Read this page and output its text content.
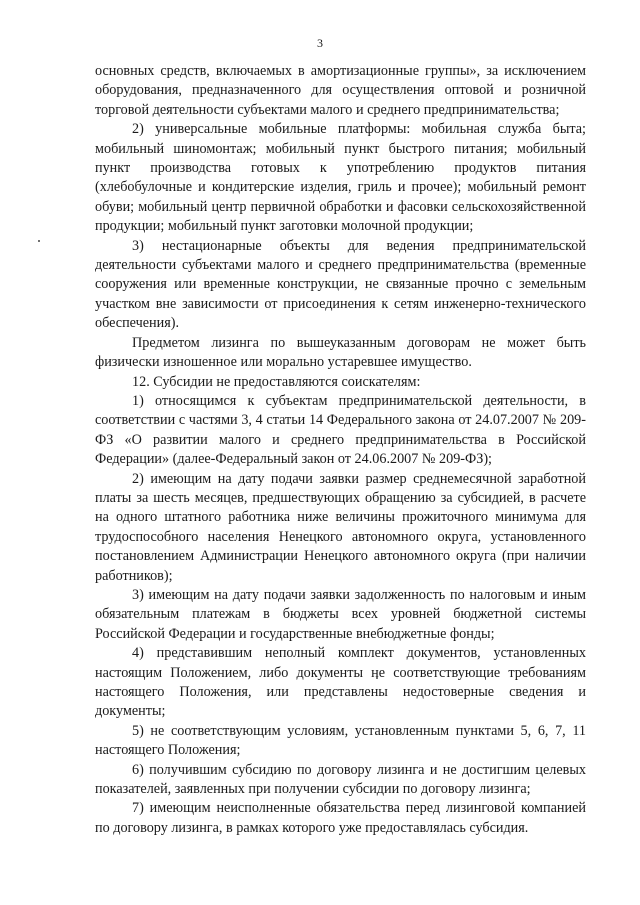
3

основных средств, включаемых в амортизационные группы», за исключением оборудования, предназначенного для осуществления оптовой и розничной торговой деятельности субъектами малого и среднего предпринимательства;

2) универсальные мобильные платформы: мобильная служба быта; мобильный шиномонтаж; мобильный пункт быстрого питания; мобильный пункт производства готовых к употреблению продуктов питания (хлебобулочные и кондитерские изделия, гриль и прочее); мобильный ремонт обуви; мобильный центр первичной обработки и фасовки сельскохозяйственной продукции; мобильный пункт заготовки молочной продукции;

3) нестационарные объекты для ведения предпринимательской деятельности субъектами малого и среднего предпринимательства (временные сооружения или временные конструкции, не связанные прочно с земельным участком вне зависимости от присоединения к сетям инженерно-технического обеспечения).

Предметом лизинга по вышеуказанным договорам не может быть физически изношенное или морально устаревшее имущество.

12. Субсидии не предоставляются соискателям:

1) относящимся к субъектам предпринимательской деятельности, в соответствии с частями 3, 4 статьи 14 Федерального закона от 24.07.2007 № 209-ФЗ «О развитии малого и среднего предпринимательства в Российской Федерации» (далее-Федеральный закон от 24.06.2007 № 209-ФЗ);

2) имеющим на дату подачи заявки размер среднемесячной заработной платы за шесть месяцев, предшествующих обращению за субсидией, в расчете на одного штатного работника ниже величины прожиточного минимума для трудоспособного населения Ненецкого автономного округа, установленного постановлением Администрации Ненецкого автономного округа (при наличии работников);

3) имеющим на дату подачи заявки задолженность по налоговым и иным обязательным платежам в бюджеты всех уровней бюджетной системы Российской Федерации и государственные внебюджетные фонды;

4) представившим неполный комплект документов, установленных настоящим Положением, либо документы не соответствующие требованиям настоящего Положения, или представлены недостоверные сведения и документы;

5) не соответствующим условиям, установленным пунктами 5, 6, 7, 11 настоящего Положения;

6) получившим субсидию по договору лизинга и не достигшим целевых показателей, заявленных при получении субсидии по договору лизинга;

7) имеющим неисполненные обязательства перед лизинговой компанией по договору лизинга, в рамках которого уже предоставлялась субсидия.
